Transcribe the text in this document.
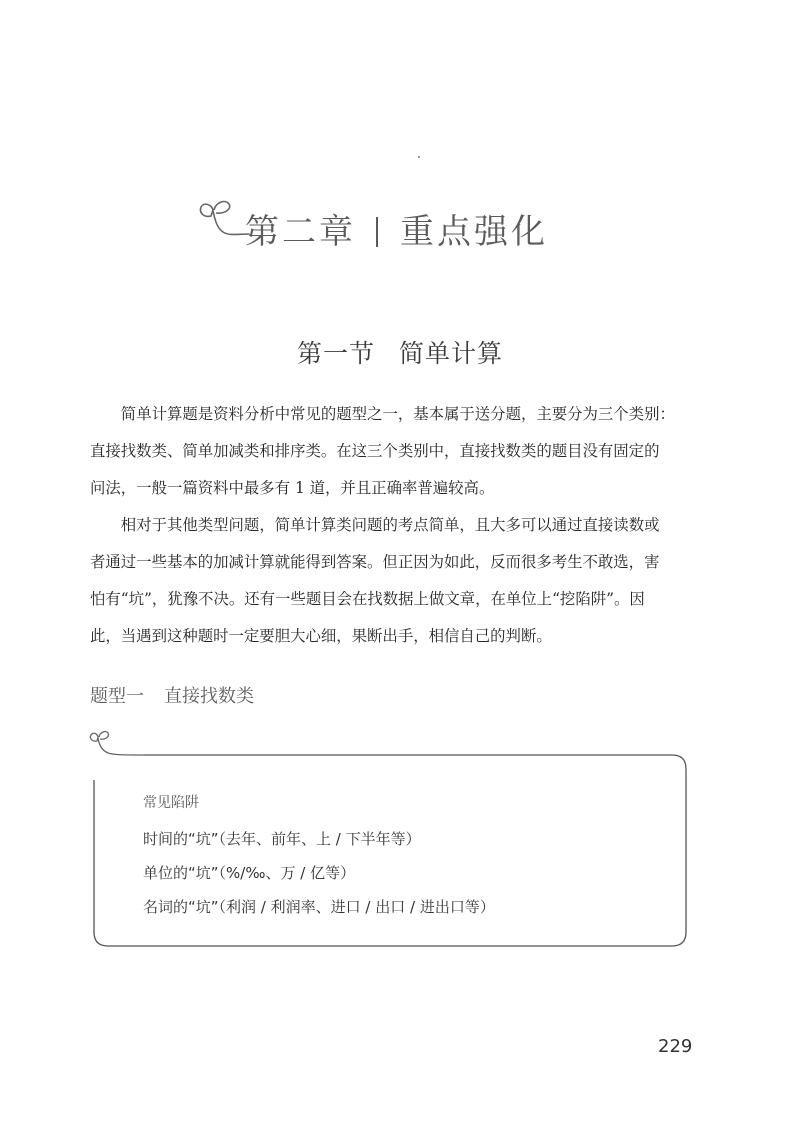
第二章 重点强化
第一节 简单计算
简单计算题是资料分析中常见的题型之一，基本属于送分题，主要分为三个类别：
直接找数类、简单加减类和排序类。在这三个类别中，直接找数类的题目没有固定的
问法，一般一篇资料中最多有 1 道，并且正确率普遍较高。
相对于其他类型问题，简单计算类问题的考点简单，且大多可以通过直接读数或
者通过一些基本的加减计算就能得到答案。但正因为如此，反而很多考生不敢选，害
怕有“坑”，犹豫不决。还有一些题目会在找数据上做文章，在单位上“挖陷阱”。因
此，当遇到这种题时一定要胆大心细，果断出手，相信自己的判断。
题型一 直接找数类
常见陷阱
时间的“坑”（去年、前年、上 / 下半年等）
单位的“坑”（%/‰、万 / 亿等）
名词的“坑”（利润 / 利润率、进口 / 出口 / 进出口等）
229
